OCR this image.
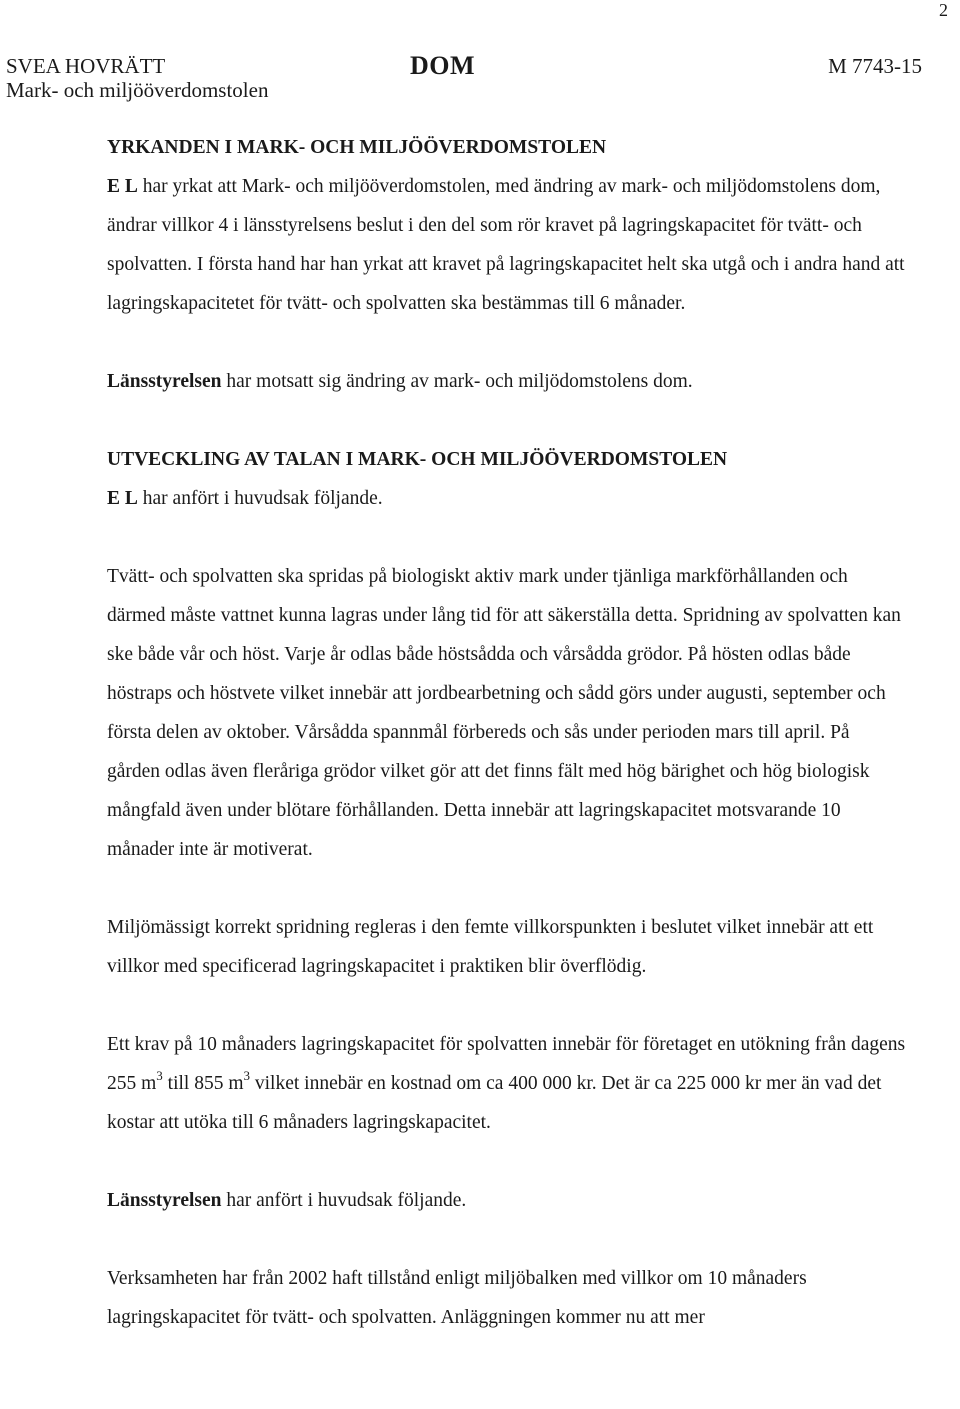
2
SVEA HOVRÄTT
Mark- och miljööverdomstolen
DOM	M 7743-15

YRKANDEN I MARK- OCH MILJÖÖVERDOMSTOLEN

E L har yrkat att Mark- och miljööverdomstolen, med ändring av mark- och miljödomstolens dom, ändrar villkor 4 i länsstyrelsens beslut i den del som rör kravet på lagringskapacitet för tvätt- och spolvatten. I första hand har han yrkat att kravet på lagringskapacitet helt ska utgå och i andra hand att lagringskapacitetet för tvätt- och spolvatten ska bestämmas till 6 månader.

Länsstyrelsen har motsatt sig ändring av mark- och miljödomstolens dom.

UTVECKLING AV TALAN I MARK- OCH MILJÖÖVERDOMSTOLEN

E L har anfört i huvudsak följande.

Tvätt- och spolvatten ska spridas på biologiskt aktiv mark under tjänliga markförhållanden och därmed måste vattnet kunna lagras under lång tid för att säkerställa detta. Spridning av spolvatten kan ske både vår och höst. Varje år odlas både höstsådda och vårsådda grödor. På hösten odlas både höstraps och höstvete vilket innebär att jordbearbetning och sådd görs under augusti, september och första delen av oktober. Vårsådda spannmål förbereds och sås under perioden mars till april. På gården odlas även fleråriga grödor vilket gör att det finns fält med hög bärighet och hög biologisk mångfald även under blötare förhållanden. Detta innebär att lagringskapacitet motsvarande 10 månader inte är motiverat.

Miljömässigt korrekt spridning regleras i den femte villkorspunkten i beslutet vilket innebär att ett villkor med specificerad lagringskapacitet i praktiken blir överflödig.

Ett krav på 10 månaders lagringskapacitet för spolvatten innebär för företaget en utökning från dagens 255 $m^3$ till 855 $m^3$ vilket innebär en kostnad om ca 400 000 kr. Det är ca 225 000 kr mer än vad det kostar att utöka till 6 månaders lagringskapacitet.

Länsstyrelsen har anfört i huvudsak följande.

Verksamheten har från 2002 haft tillstånd enligt miljöbalken med villkor om 10 månaders lagringskapacitet för tvätt- och spolvatten. Anläggningen kommer nu att mer
